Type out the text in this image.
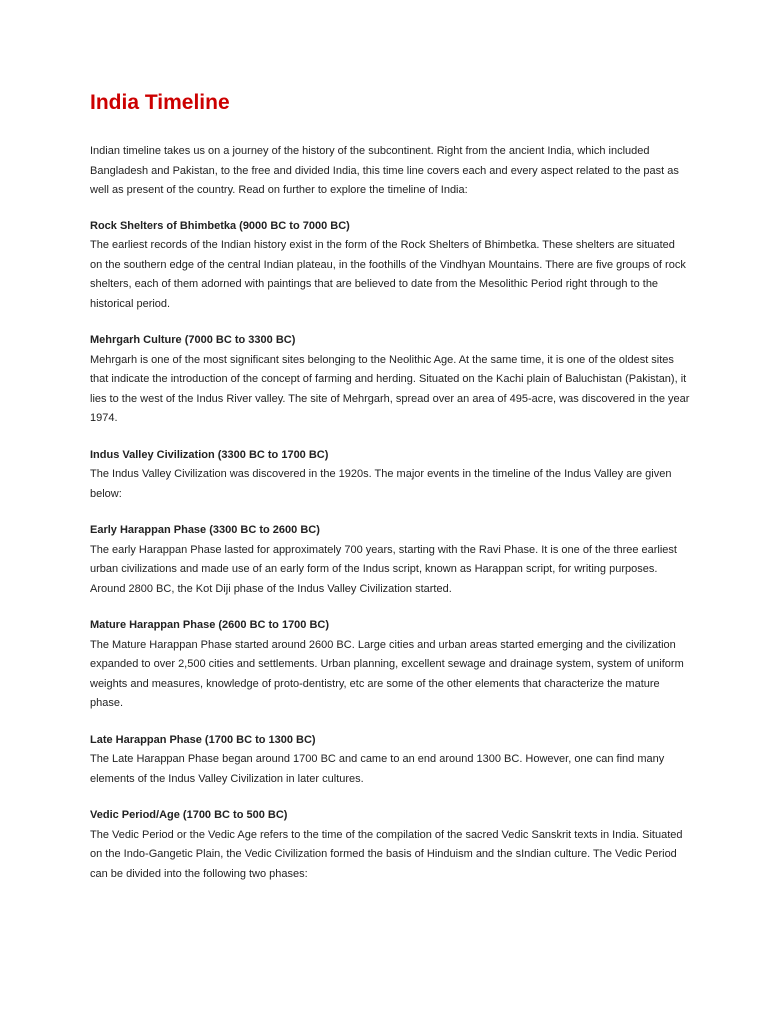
India Timeline

Indian timeline takes us on a journey of the history of the subcontinent. Right from the ancient India, which included Bangladesh and Pakistan, to the free and divided India, this time line covers each and every aspect related to the past as well as present of the country. Read on further to explore the timeline of India:

Rock Shelters of Bhimbetka (9000 BC to 7000 BC)

The earliest records of the Indian history exist in the form of the Rock Shelters of Bhimbetka. These shelters are situated on the southern edge of the central Indian plateau, in the foothills of the Vindhyan Mountains. There are five groups of rock shelters, each of them adorned with paintings that are believed to date from the Mesolithic Period right through to the historical period.

Mehrgarh Culture (7000 BC to 3300 BC)

Mehrgarh is one of the most significant sites belonging to the Neolithic Age. At the same time, it is one of the oldest sites that indicate the introduction of the concept of farming and herding. Situated on the Kachi plain of Baluchistan (Pakistan), it lies to the west of the Indus River valley. The site of Mehrgarh, spread over an area of 495-acre, was discovered in the year 1974.

Indus Valley Civilization (3300 BC to 1700 BC)

The Indus Valley Civilization was discovered in the 1920s. The major events in the timeline of the Indus Valley are given below:

Early Harappan Phase (3300 BC to 2600 BC)

The early Harappan Phase lasted for approximately 700 years, starting with the Ravi Phase. It is one of the three earliest urban civilizations and made use of an early form of the Indus script, known as Harappan script, for writing purposes. Around 2800 BC, the Kot Diji phase of the Indus Valley Civilization started.

Mature Harappan Phase (2600 BC to 1700 BC)

The Mature Harappan Phase started around 2600 BC. Large cities and urban areas started emerging and the civilization expanded to over 2,500 cities and settlements. Urban planning, excellent sewage and drainage system, system of uniform weights and measures, knowledge of proto-dentistry, etc are some of the other elements that characterize the mature phase.

Late Harappan Phase (1700 BC to 1300 BC)

The Late Harappan Phase began around 1700 BC and came to an end around 1300 BC. However, one can find many elements of the Indus Valley Civilization in later cultures.

Vedic Period/Age (1700 BC to 500 BC)

The Vedic Period or the Vedic Age refers to the time of the compilation of the sacred Vedic Sanskrit texts in India. Situated on the Indo-Gangetic Plain, the Vedic Civilization formed the basis of Hinduism and the sIndian culture. The Vedic Period can be divided into the following two phases:
